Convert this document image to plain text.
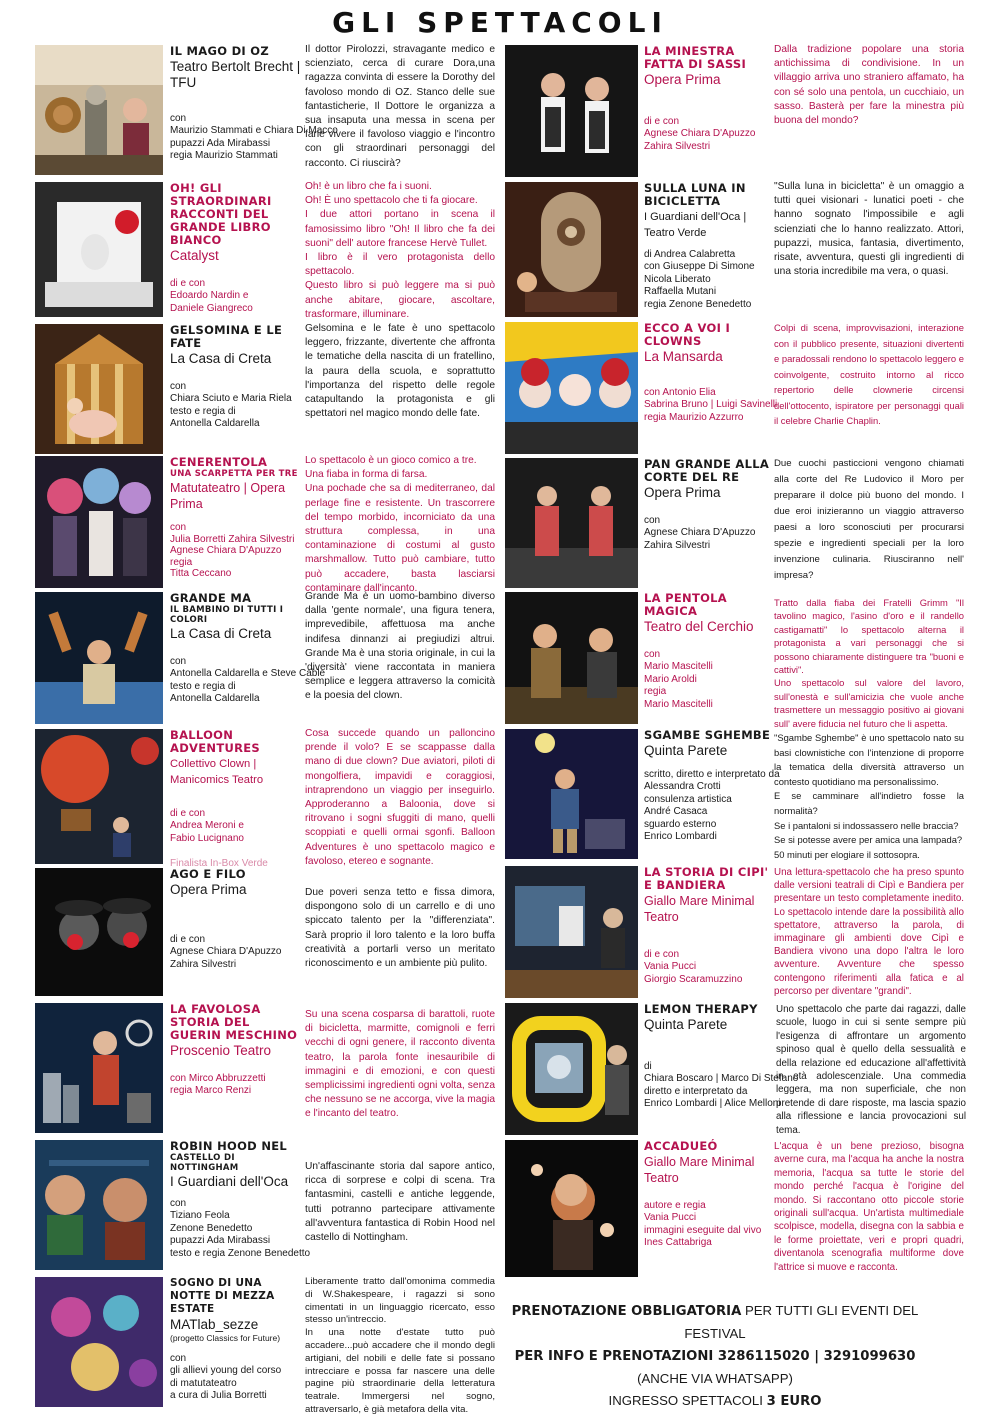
GLI SPETTACOLI
IL MAGO DI OZ
Teatro Bertolt Brecht | TFU
con
Maurizio Stammati e Chiara Di Macco
pupazzi Ada Mirabassi
regia Maurizio Stammati

Il dottor Pirolozzi, stravagante medico e scienziato, cerca di curare Dora,una ragazza convinta di essere la Dorothy del favoloso mondo di OZ. Stanco delle sue fantasticherie, Il Dottore le organizza a sua insaputa una messa in scena per farle vivere il favoloso viaggio e l'incontro con gli straordinari personaggi del racconto. Ci riuscirà?

OH! GLI STRAORDINARI RACCONTI DEL GRANDE LIBRO BIANCO
Catalyst
di e con
Edoardo Nardin e
Daniele Giangreco

Oh! è un libro che fa i suoni.

Oh! È uno spettacolo che ti fa giocare.

I due attori portano in scena il famosissimo libro "Oh! Il libro che fa dei suoni" dell' autore francese Hervè Tullet.

I libro è il vero protagonista dello spettacolo.

Questo libro si può leggere ma si può anche abitare, giocare, ascoltare, trasformare, illuminare.

GELSOMINA E LE FATE
La Casa di Creta
con
Chiara Sciuto e Maria Riela
testo e regia di
Antonella Caldarella

Gelsomina e le fate è uno spettacolo leggero, frizzante, divertente che affronta le tematiche della nascita di un fratellino, la paura della scuola, e soprattutto l'importanza del rispetto delle regole catapultando la protagonista e gli spettatori nel magico mondo delle fate.

CENERENTOLA
UNA SCARPETTA PER TRE
Matutateatro | Opera Prima
con
Julia Borretti Zahira Silvestri
Agnese Chiara D'Apuzzo
regia
Titta Ceccano

Lo spettacolo è un gioco comico a tre.

Una fiaba in forma di farsa.

Una pochade che sa di mediterraneo, dal perlage fine e resistente. Un trascorrere del tempo morbido, incorniciato da una struttura complessa, in una contaminazione di costumi al gusto marshmallow. Tutto può cambiare, tutto può accadere, basta lasciarsi contaminare dall'incanto.

GRANDE MA
IL BAMBINO DI TUTTI I COLORI
La Casa di Creta
con
Antonella Caldarella e Steve Cable
testo e regia di
Antonella Caldarella

Grande Ma è un uomo-bambino diverso dalla 'gente normale', una figura tenera, imprevedibile, affettuosa ma anche indifesa dinnanzi ai pregiudizi altrui. Grande Ma è una storia originale, in cui la 'diversità' viene raccontata in maniera semplice e leggera attraverso la comicità e la poesia del clown.

BALLOON ADVENTURES
Collettivo Clown | Manicomics Teatro
di e con
Andrea Meroni e
Fabio Lucignano

Finalista In-Box Verde

Cosa succede quando un palloncino prende il volo? E se scappasse dalla mano di due clown? Due aviatori, piloti di mongolfiera, impavidi e coraggiosi, intraprendono un viaggio per inseguirlo. Approderanno a Baloonia, dove si ritrovano i sogni sfuggiti di mano, quelli scoppiati e quelli ormai sgonfi. Balloon Adventures è uno spettacolo magico e favoloso, etereo e sognante.

AGO E FILO
Opera Prima
di e con
Agnese Chiara D'Apuzzo
Zahira Silvestri

Due poveri senza tetto e fissa dimora, dispongono solo di un carrello e di uno spiccato talento per la "differenziata". Sarà proprio il loro talento e la loro buffa creatività a portarli verso un meritato riconoscimento e un ambiente più pulito.

LA FAVOLOSA STORIA DEL GUERIN MESCHINO
Proscenio Teatro
con Mirco Abbruzzetti
regia Marco Renzi

Su una scena cosparsa di barattoli, ruote di bicicletta, marmitte, comignoli e ferri vecchi di ogni genere, il racconto diventa teatro, la parola fonte inesauribile di immagini e di emozioni, e con questi semplicissimi ingredienti ogni volta, senza che nessuno se ne accorga, vive la magia e l'incanto del teatro.

ROBIN HOOD NEL
CASTELLO DI NOTTINGHAM
I Guardiani dell'Oca
con
Tiziano Feola
Zenone Benedetto
pupazzi Ada Mirabassi
testo e regia Zenone Benedetto

Un'affascinante storia dal sapore antico, ricca di sorprese e colpi di scena. Tra fantasmini, castelli e antiche leggende, tutti potranno partecipare attivamente all'avventura fantastica di Robin Hood nel castello di Nottingham.

SOGNO DI UNA NOTTE DI MEZZA ESTATE
MATlab_sezze
(progetto Classics for Future)
con
gli allievi young del corso
di matutateatro
a cura di Julia Borretti

Liberamente tratto dall'omonima commedia di W.Shakespeare, i ragazzi si sono cimentati in un linguaggio ricercato, esso stesso un'intreccio.

In una notte d'estate tutto può accadere...può accadere che il mondo degli artigiani, del nobili e delle fate si possano intrecciare e possa far nascere una delle pagine più straordinarie della letteratura teatrale. Immergersi nel sogno, attraversarlo, è già metafora della vita.

LA MINESTRA FATTA DI SASSI
Opera Prima
di e con
Agnese Chiara D'Apuzzo
Zahira Silvestri

Dalla tradizione popolare una storia antichissima di condivisione. In un villaggio arriva uno straniero affamato, ha con sé solo una pentola, un cucchiaio, un sasso. Basterà per fare la minestra più buona del mondo?

SULLA LUNA IN BICICLETTA
I Guardiani dell'Oca | Teatro Verde
di Andrea Calabretta
con Giuseppe Di Simone
Nicola Liberato
Raffaella Mutani
regia Zenone Benedetto

"Sulla luna in bicicletta" è un omaggio a tutti quei visionari - lunatici poeti - che hanno sognato l'impossibile e agli scienziati che lo hanno realizzato. Attori, pupazzi, musica, fantasia, divertimento, risate, avventura, questi gli ingredienti di una storia incredibile ma vera, o quasi.

ECCO A VOI I CLOWNS
La Mansarda
con Antonio Elia
Sabrina Bruno | Luigi Savinelli
regia Maurizio Azzurro

Colpi di scena, improvvisazioni, interazione con il pubblico presente, situazioni divertenti e paradossali rendono lo spettacolo leggero e coinvolgente, costruito intorno al ricco repertorio delle clownerie circensi dell'ottocento, ispiratore per personaggi quali il celebre Charlie Chaplin.

PAN GRANDE ALLA CORTE DEL RE
Opera Prima
con
Agnese Chiara D'Apuzzo
Zahira Silvestri

Due cuochi pasticcioni vengono chiamati alla corte del Re Ludovico il Moro per preparare il dolce più buono del mondo. I due eroi inizieranno un viaggio attraverso paesi a loro sconosciuti per procurarsi spezie e ingredienti speciali per la loro invenzione culinaria. Riusciranno nell' impresa?

LA PENTOLA MAGICA
Teatro del Cerchio
con
Mario Mascitelli
Mario Aroldi
regia
Mario Mascitelli

Tratto dalla fiaba dei Fratelli Grimm "Il tavolino magico, l'asino d'oro e il randello castigamatti" lo spettacolo alterna il protagonista a vari personaggi che si possono chiaramente distinguere tra "buoni e cattivi".

Uno spettacolo sul valore del lavoro, sull'onestà e sull'amicizia che vuole anche trasmettere un messaggio positivo ai giovani sull' avere fiducia nel futuro che li aspetta.

SGAMBE SGHEMBE
Quinta Parete
scritto, diretto e interpretato da
Alessandra Crotti
consulenza artistica
André Casaca
sguardo esterno
Enrico Lombardi

"Sgambe Sghembe" è uno spettacolo nato su basi clownistiche con l'intenzione di proporre la tematica della diversità attraverso un contesto quotidiano ma personalissimo.

E se camminare all'indietro fosse la normalità?

Se i pantaloni si indossassero nelle braccia?

Se si potesse avere per amica una lampada?

50 minuti per elogiare il sottosopra.

LA STORIA DI CIPI' E BANDIERA
Giallo Mare Minimal Teatro
di e con
Vania Pucci
Giorgio Scaramuzzino

Una lettura-spettacolo che ha preso spunto dalle versioni teatrali di Cipì e Bandiera per presentare un testo completamente inedito. Lo spettacolo intende dare la possibilità allo spettatore, attraverso la parola, di immaginare gli ambienti dove Cipì e Bandiera vivono una dopo l'altra le loro avventure. Avventure che spesso contengono riferimenti alla fatica e al percorso per diventare "grandi".

LEMON THERAPY
Quinta Parete
di
Chiara Boscaro | Marco Di Stefano
diretto e interpretato da
Enrico Lombardi | Alice Melloni

Uno spettacolo che parte dai ragazzi, dalle scuole, luogo in cui si sente sempre più l'esigenza di affrontare un argomento spinoso qual è quello della sessualità e della relazione ed educazione all'affettività in età adolescenziale. Una commedia leggera, ma non superficiale, che non pretende di dare risposte, ma lascia spazio alla riflessione e lancia provocazioni sul tema.

ACCADUEÓ
Giallo Mare Minimal Teatro
autore e regia
Vania Pucci
immagini eseguite dal vivo
Ines Cattabriga

L'acqua è un bene prezioso, bisogna averne cura, ma l'acqua ha anche la nostra memoria, l'acqua sa tutte le storie del mondo perché l'acqua è l'origine del mondo. Si raccontano otto piccole storie originali sull'acqua. Un'artista multimediale scolpisce, modella, disegna con la sabbia e le forme proiettate, veri e propri quadri, diventanola scenografia multiforme dove l'attrice si muove e racconta.

PRENOTAZIONE OBBLIGATORIA PER TUTTI GLI EVENTI DEL FESTIVAL
PER INFO E PRENOTAZIONI 3286115020 | 3291099630 (ANCHE VIA WHATSAPP)
INGRESSO SPETTACOLI 3 EURO
